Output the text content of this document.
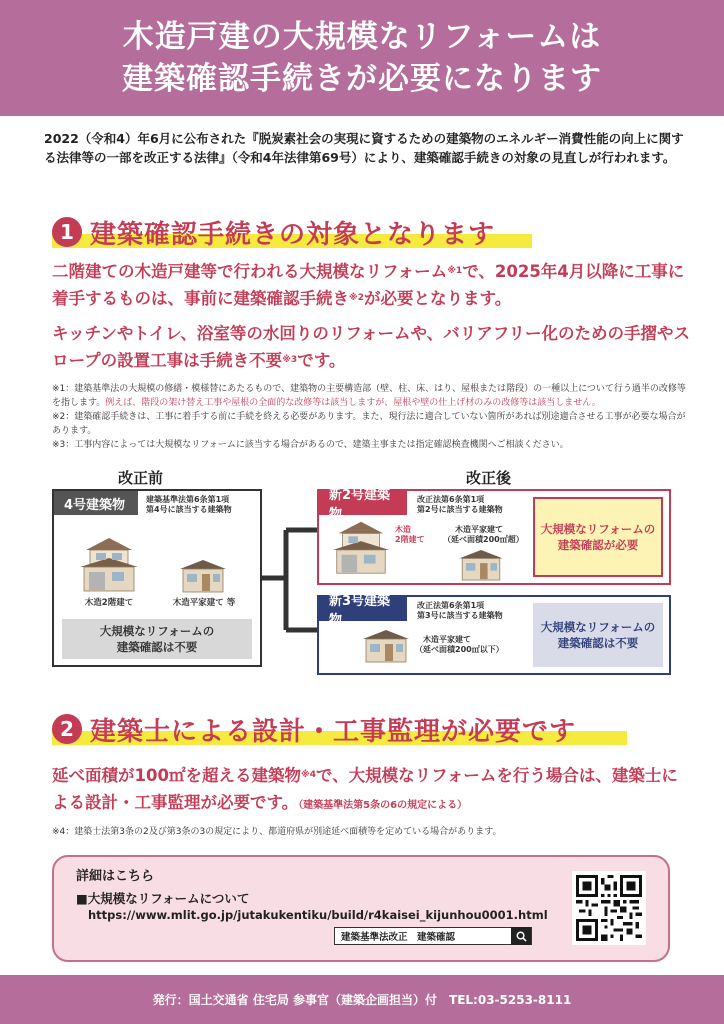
木造戸建の大規模なリフォームは
建築確認手続きが必要になります
2022（令和4）年6月に公布された『脱炭素社会の実現に資するための建築物のエネルギー消費性能の向上に関する法律等の一部を改正する法律』（令和4年法律第69号）により、建築確認手続きの対象の見直しが行われます。
1 建築確認手続きの対象となります
二階建ての木造戸建等で行われる大規模なリフォーム$^{※1}$で、2025年4月以降に工事に着手するものは、事前に建築確認手続き$^{※2}$が必要となります。
キッチンやトイレ、浴室等の水回りのリフォームや、バリアフリー化のための手摺やスロープの設置工事は手続き不要$^{※3}$です。
※1：建築基準法の大規模の修繕・模様替にあたるもので、建築物の主要構造部（壁、柱、床、はり、屋根または階段）の一種以上について行う過半の改修等を指します。例えば、階段の架け替え工事や屋根の全面的な改修等は該当しますが、屋根や壁の仕上げ材のみの改修等は該当しません。
※2：建築確認手続きは、工事に着手する前に手続を終える必要があります。また、現行法に適合していない箇所があれば別途適合させる工事が必要な場合があります。
※3：工事内容によっては大規模なリフォームに該当する場合があるので、建築主事または指定確認検査機関へご相談ください。
改正前	改正後
4号建築物	建築基準法第6条第1項
第4号に該当する建築物
木造2階建て	木造平家建て 等
大規模なリフォームの
建築確認は不要
新2号建築物
改正法第6条第1項
第2号に該当する建築物
木造
2階建て
木造平家建て
（延べ面積200㎡超）
大規模なリフォームの
建築確認が必要
新3号建築物
改正法第6条第1項
第3号に該当する建築物
木造平家建て
（延べ面積200㎡以下）
大規模なリフォームの
建築確認は不要
2 建築士による設計・工事監理が必要です
延べ面積が100㎡を超える建築物$^{※4}$で、大規模なリフォームを行う場合は、建築士による設計・工事監理が必要です。（建築基準法第5条の6の規定による）
※4：建築士法第3条の2及び第3条の3の規定により、都道府県が別途延べ面積等を定めている場合があります。
詳細はこちら
■大規模なリフォームについて
https://www.mlit.go.jp/jutakukentiku/build/r4kaisei_kijunhou0001.html
建築基準法改正　建築確認
発行：国土交通省 住宅局 参事官（建築企画担当）付　TEL:03-5253-8111
